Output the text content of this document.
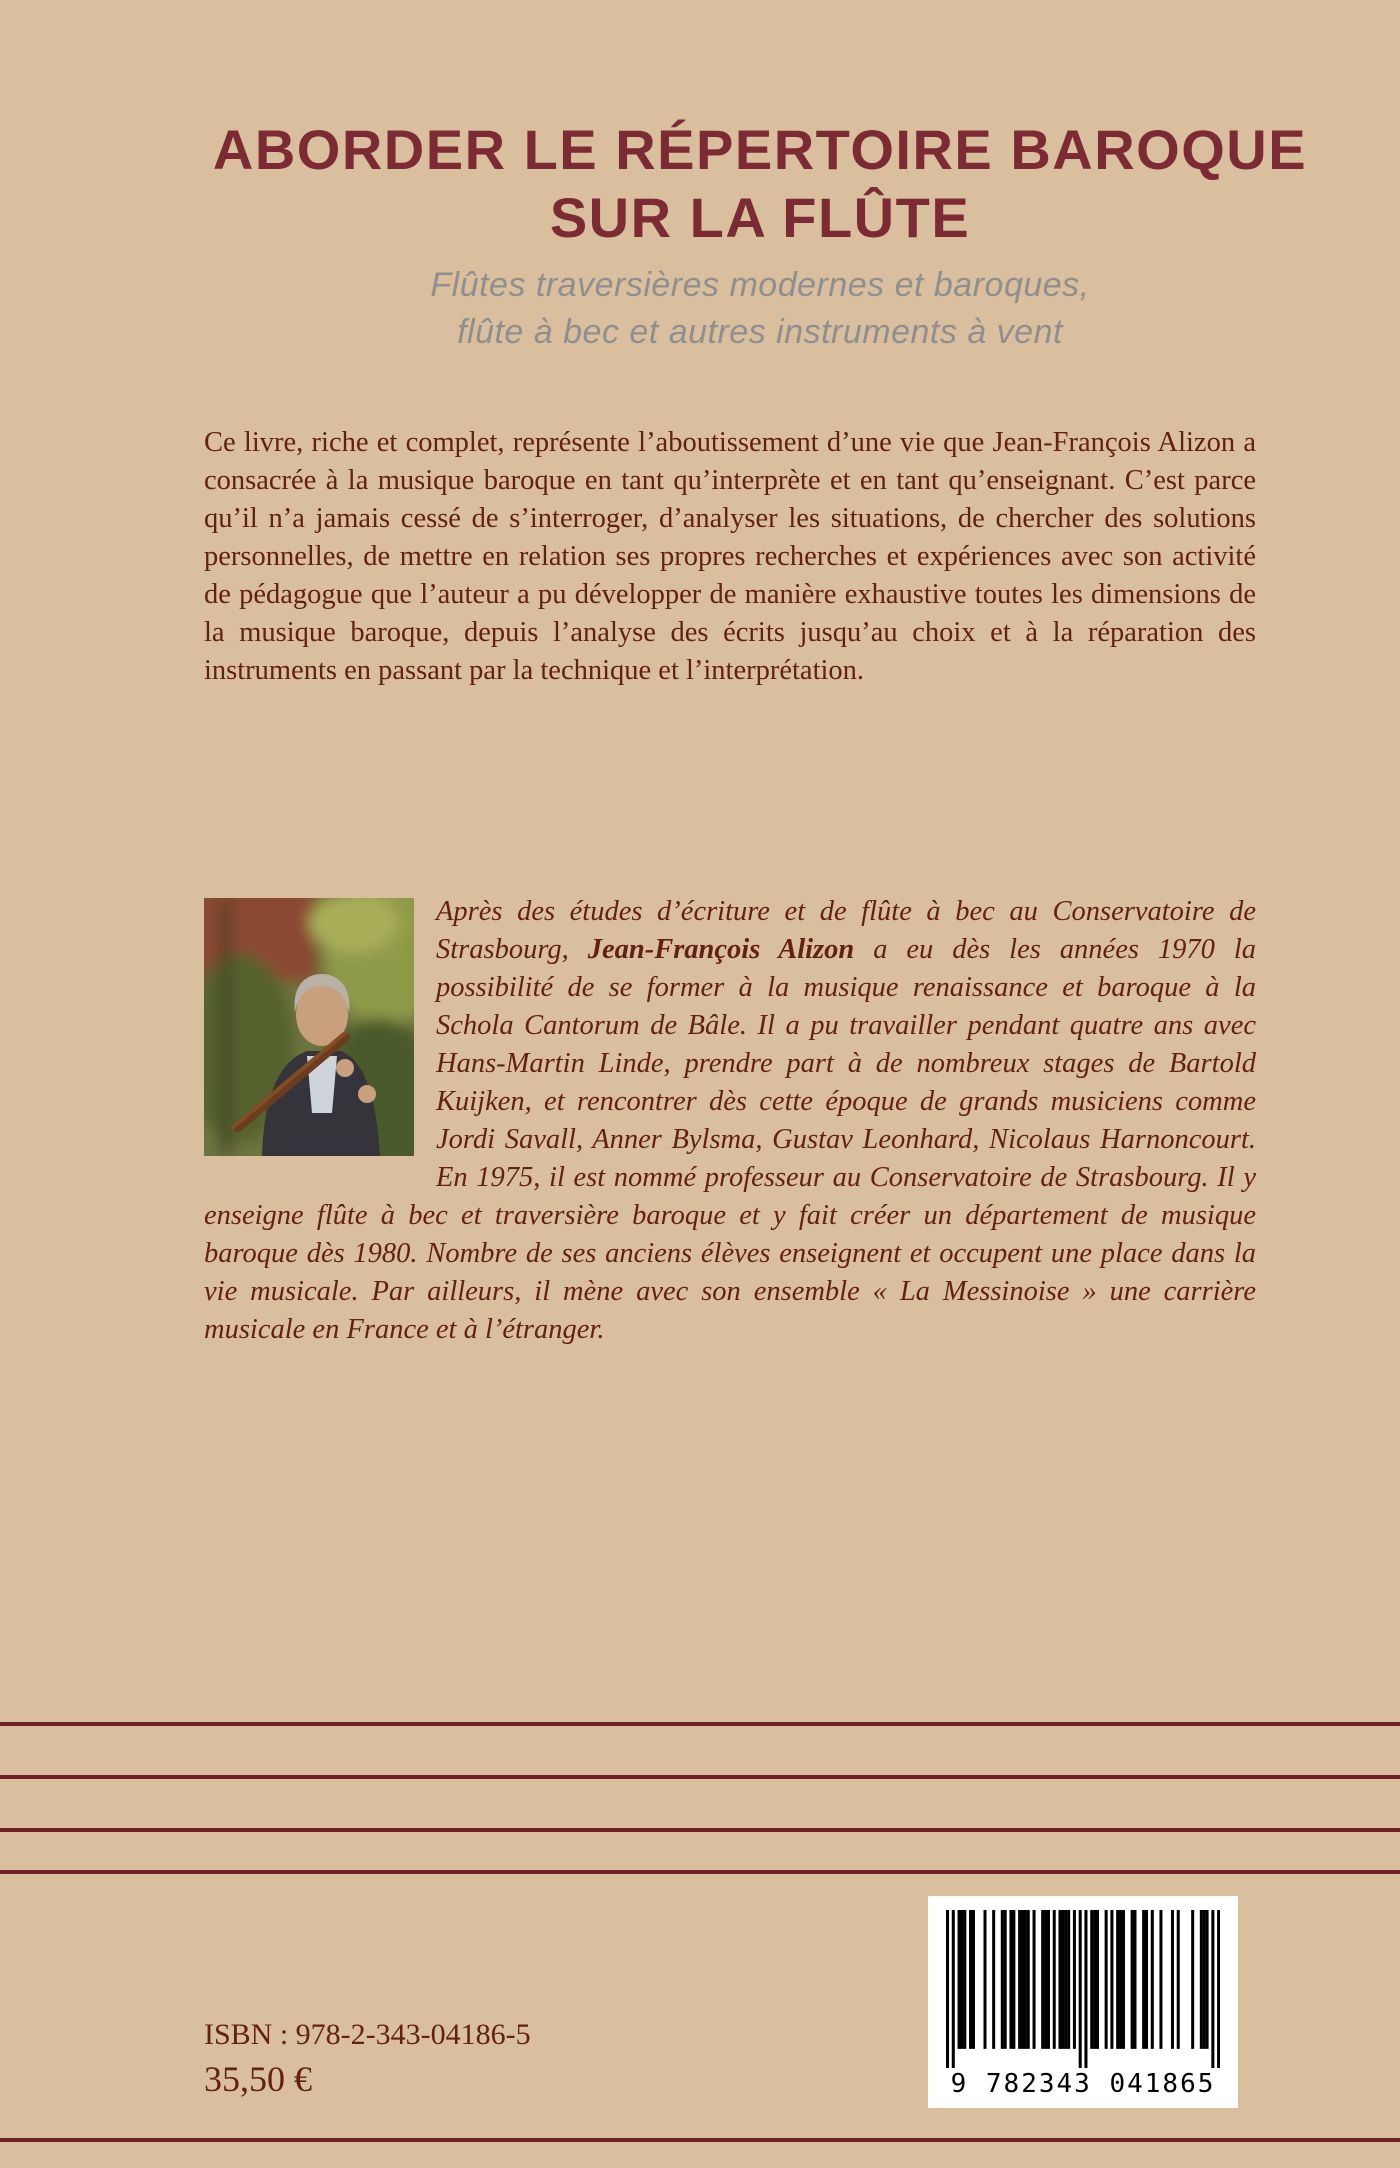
ABORDER LE RÉPERTOIRE BAROQUE
SUR LA FLÛTE
Flûtes traversières modernes et baroques,
flûte à bec et autres instruments à vent

Ce livre, riche et complet, représente l’aboutissement d’une vie que Jean-François Alizon a consacrée à la musique baroque en tant qu’interprète et en tant qu’enseignant. C’est parce qu’il n’a jamais cessé de s’interroger, d’analyser les situations, de chercher des solutions personnelles, de mettre en relation ses propres recherches et expériences avec son activité de pédagogue que l’auteur a pu développer de manière exhaustive toutes les dimensions de la musique baroque, depuis l’analyse des écrits jusqu’au choix et à la réparation des instruments en passant par la technique et l’interprétation.

Après des études d’écriture et de flûte à bec au Conservatoire de Strasbourg, Jean-François Alizon a eu dès les années 1970 la possibilité de se former à la musique renaissance et baroque à la Schola Cantorum de Bâle. Il a pu travailler pendant quatre ans avec Hans-Martin Linde, prendre part à de nombreux stages de Bartold Kuijken, et rencontrer dès cette époque de grands musiciens comme Jordi Savall, Anner Bylsma, Gustav Leonhard, Nicolaus Harnoncourt. En 1975, il est nommé professeur au Conservatoire de Strasbourg. Il y enseigne flûte à bec et traversière baroque et y fait créer un département de musique baroque dès 1980. Nombre de ses anciens élèves enseignent et occupent une place dans la vie musicale. Par ailleurs, il mène avec son ensemble « La Messinoise » une carrière musicale en France et à l’étranger.

9 782343 041865
ISBN : 978-2-343-04186-5
35,50 €
